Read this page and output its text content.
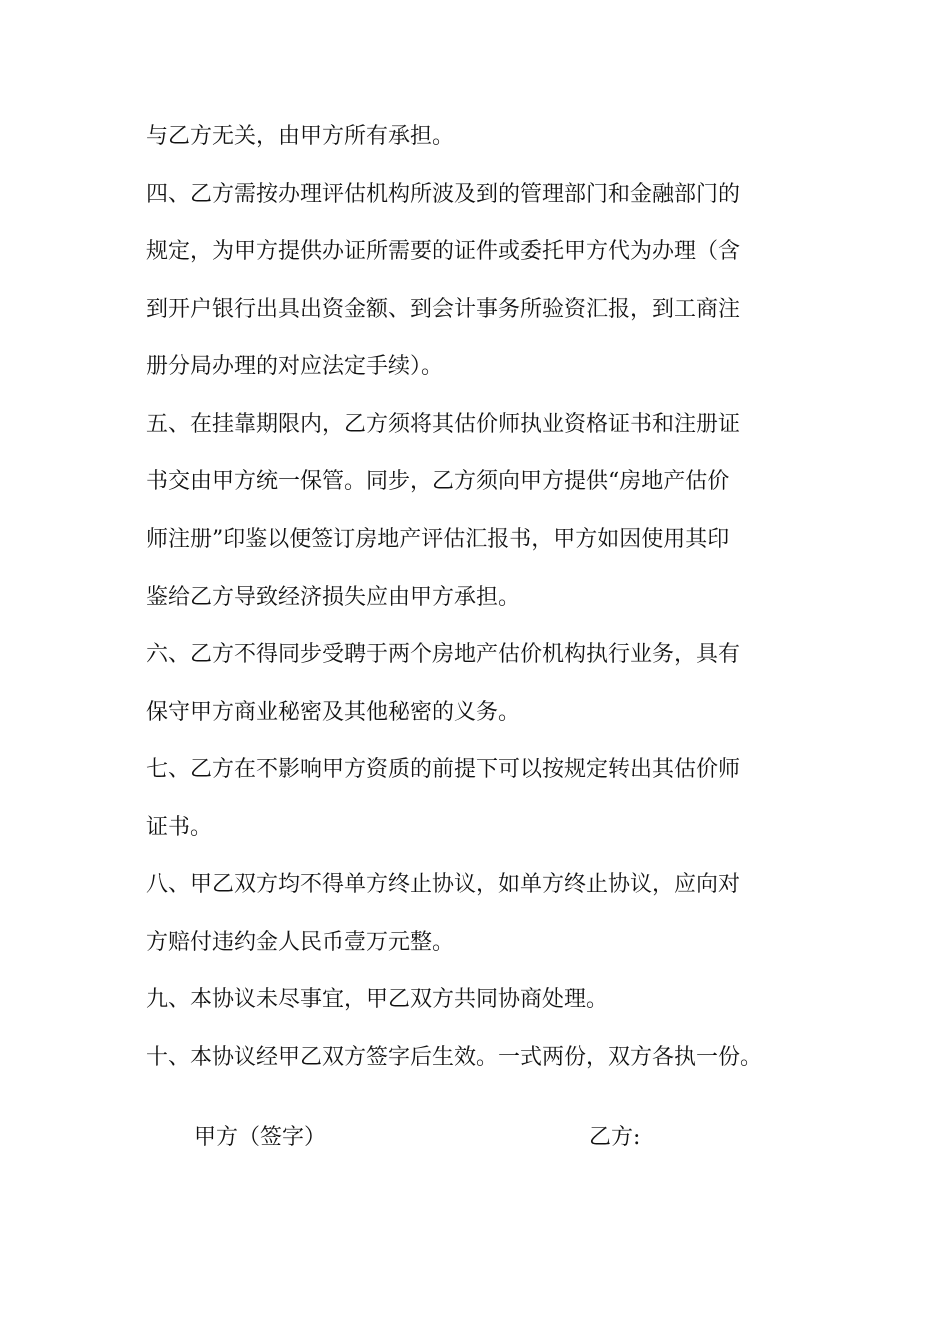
与乙方无关，由甲方所有承担。
四、乙方需按办理评估机构所波及到的管理部门和金融部门的
规定，为甲方提供办证所需要的证件或委托甲方代为办理（含
到开户银行出具出资金额、到会计事务所验资汇报，到工商注
册分局办理的对应法定手续）。
五、在挂靠期限内，乙方须将其估价师执业资格证书和注册证
书交由甲方统一保管。同步，乙方须向甲方提供“房地产估价
师注册”印鉴以便签订房地产评估汇报书，甲方如因使用其印
鉴给乙方导致经济损失应由甲方承担。
六、乙方不得同步受聘于两个房地产估价机构执行业务，具有
保守甲方商业秘密及其他秘密的义务。
七、乙方在不影响甲方资质的前提下可以按规定转出其估价师
证书。
八、甲乙双方均不得单方终止协议，如单方终止协议，应向对
方赔付违约金人民币壹万元整。
九、本协议未尽事宜，甲乙双方共同协商处理。
十、本协议经甲乙双方签字后生效。一式两份，双方各执一份。
甲方（签字）	乙方:
